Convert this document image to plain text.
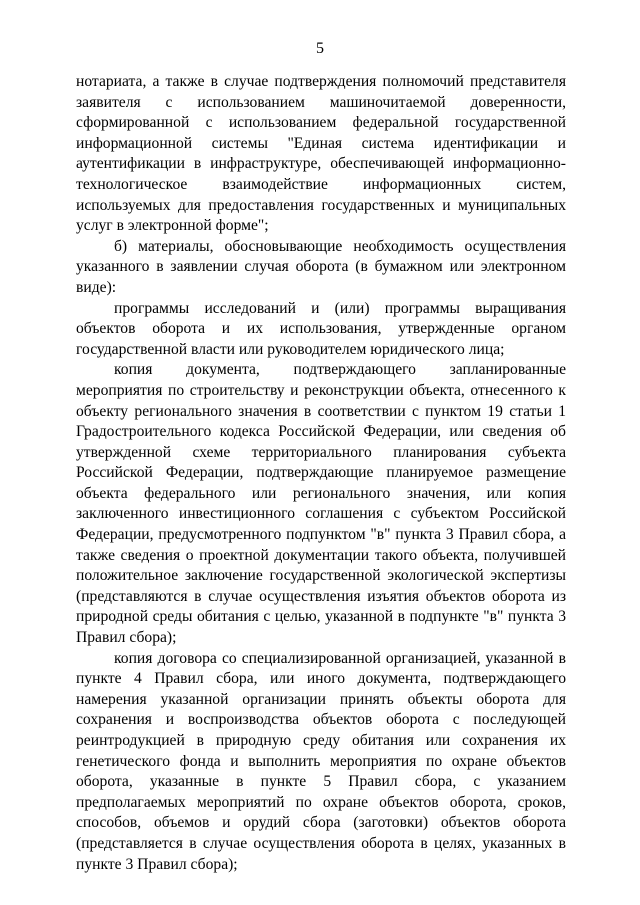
5

нотариата, а также в случае подтверждения полномочий представителя заявителя с использованием машиночитаемой доверенности, сформированной с использованием федеральной государственной информационной системы "Единая система идентификации и аутентификации в инфраструктуре, обеспечивающей информационно-технологическое взаимодействие информационных систем, используемых для предоставления государственных и муниципальных услуг в электронной форме";

б) материалы, обосновывающие необходимость осуществления указанного в заявлении случая оборота (в бумажном или электронном виде):

программы исследований и (или) программы выращивания объектов оборота и их использования, утвержденные органом государственной власти или руководителем юридического лица;

копия документа, подтверждающего запланированные мероприятия по строительству и реконструкции объекта, отнесенного к объекту регионального значения в соответствии с пунктом 19 статьи 1 Градостроительного кодекса Российской Федерации, или сведения об утвержденной схеме территориального планирования субъекта Российской Федерации, подтверждающие планируемое размещение объекта федерального или регионального значения, или копия заключенного инвестиционного соглашения с субъектом Российской Федерации, предусмотренного подпунктом "в" пункта 3 Правил сбора, а также сведения о проектной документации такого объекта, получившей положительное заключение государственной экологической экспертизы (представляются в случае осуществления изъятия объектов оборота из природной среды обитания с целью, указанной в подпункте "в" пункта 3 Правил сбора);

копия договора со специализированной организацией, указанной в пункте 4 Правил сбора, или иного документа, подтверждающего намерения указанной организации принять объекты оборота для сохранения и воспроизводства объектов оборота с последующей реинтродукцией в природную среду обитания или сохранения их генетического фонда и выполнить мероприятия по охране объектов оборота, указанные в пункте 5 Правил сбора, с указанием предполагаемых мероприятий по охране объектов оборота, сроков, способов, объемов и орудий сбора (заготовки) объектов оборота (представляется в случае осуществления оборота в целях, указанных в пункте 3 Правил сбора);
